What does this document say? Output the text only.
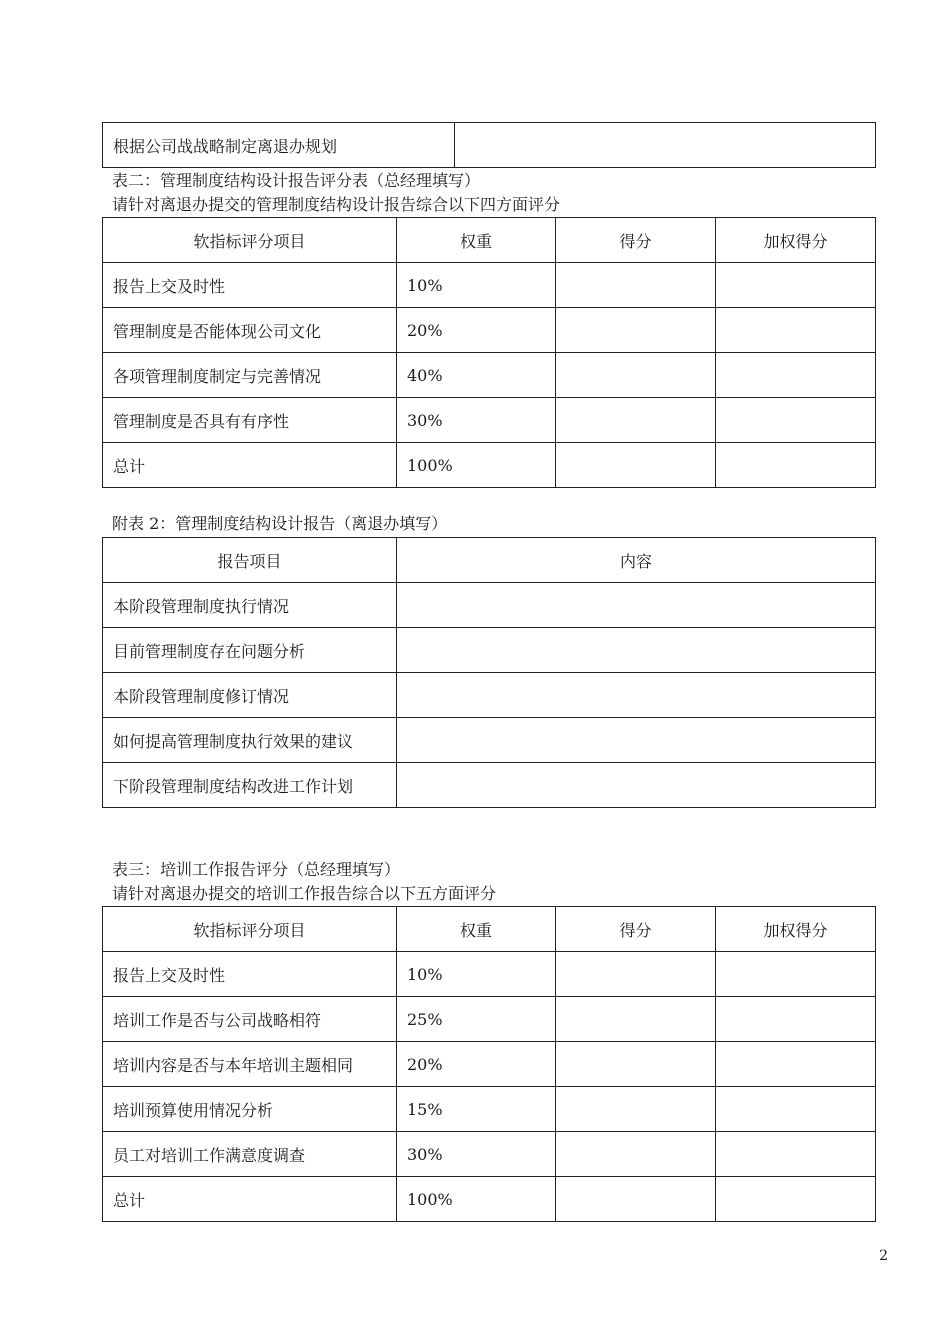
根据公司战战略制定离退办规划	
表二：管理制度结构设计报告评分表（总经理填写）
请针对离退办提交的管理制度结构设计报告综合以下四方面评分
软指标评分项目	权重	得分	加权得分
报告上交及时性	10%		
管理制度是否能体现公司文化	20%		
各项管理制度制定与完善情况	40%		
管理制度是否具有有序性	30%		
总计	100%		
附表 2：管理制度结构设计报告（离退办填写）
报告项目	内容
本阶段管理制度执行情况	
目前管理制度存在问题分析	
本阶段管理制度修订情况	
如何提高管理制度执行效果的建议	
下阶段管理制度结构改进工作计划	
表三：培训工作报告评分（总经理填写）
请针对离退办提交的培训工作报告综合以下五方面评分
软指标评分项目	权重	得分	加权得分
报告上交及时性	10%		
培训工作是否与公司战略相符	25%		
培训内容是否与本年培训主题相同	20%		
培训预算使用情况分析	15%		
员工对培训工作满意度调查	30%		
总计	100%		
2
